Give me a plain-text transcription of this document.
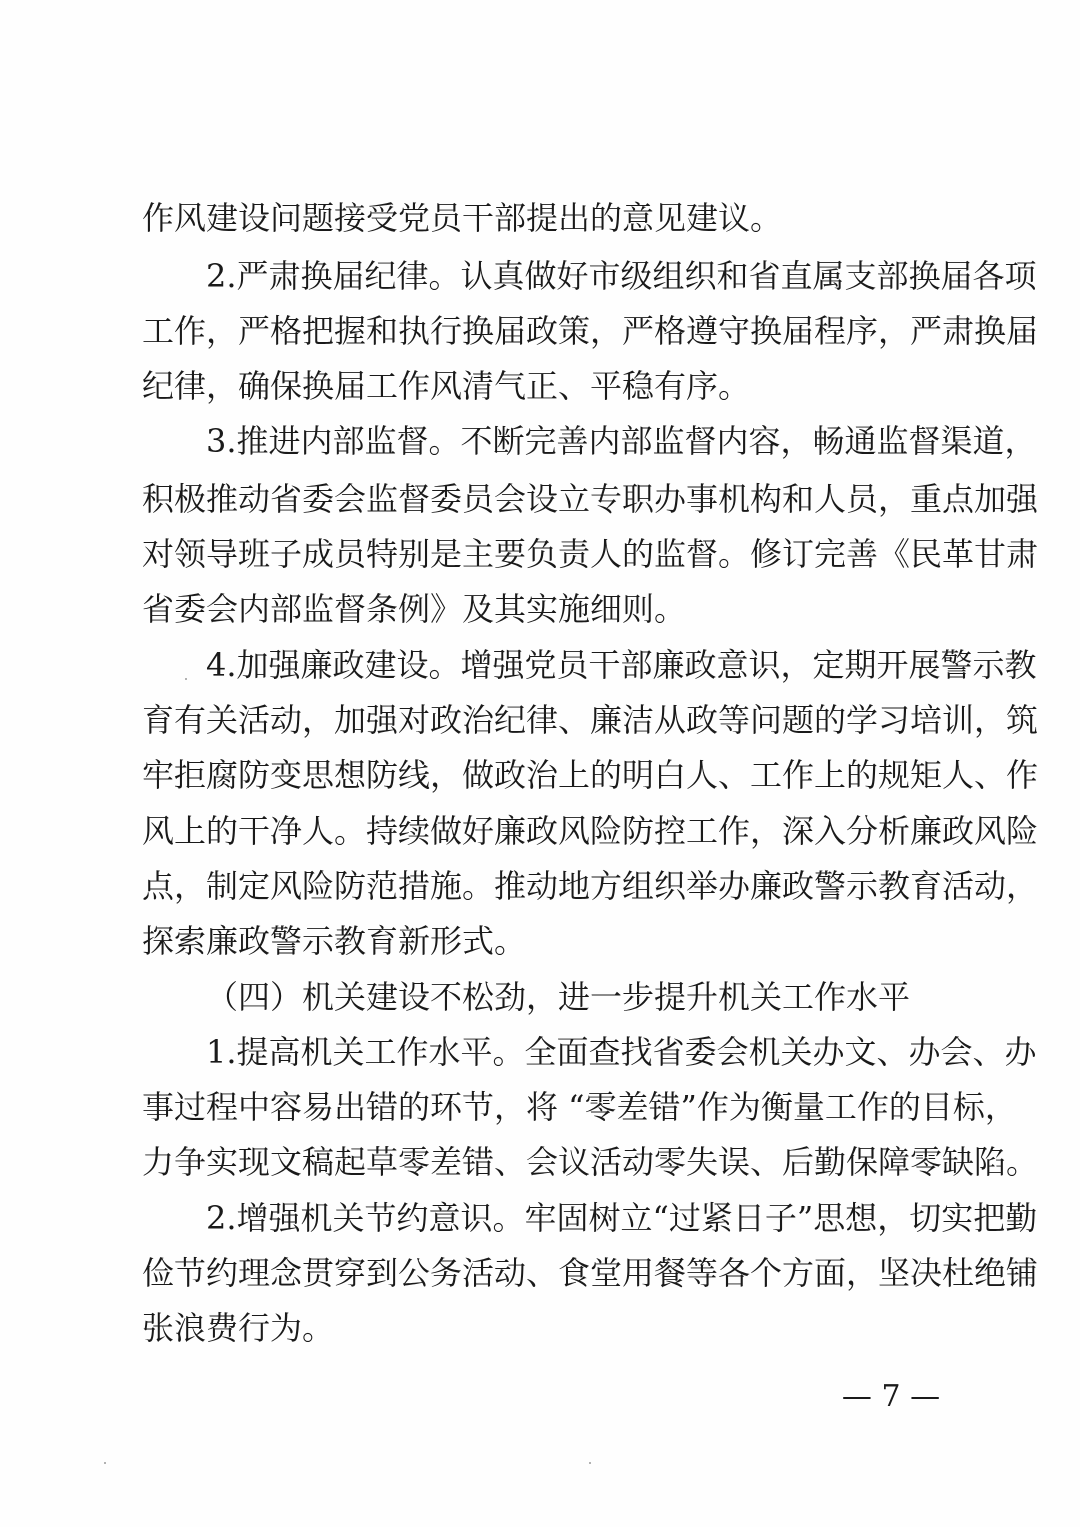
作风建设问题接受党员干部提出的意见建议。
2.严肃换届纪律。认真做好市级组织和省直属支部换届各项
工作，严格把握和执行换届政策，严格遵守换届程序，严肃换届
纪律，确保换届工作风清气正、平稳有序。
3.推进内部监督。不断完善内部监督内容，畅通监督渠道，
积极推动省委会监督委员会设立专职办事机构和人员，重点加强
对领导班子成员特别是主要负责人的监督。修订完善《民革甘肃
省委会内部监督条例》及其实施细则。
4.加强廉政建设。增强党员干部廉政意识，定期开展警示教
育有关活动，加强对政治纪律、廉洁从政等问题的学习培训，筑
牢拒腐防变思想防线，做政治上的明白人、工作上的规矩人、作
风上的干净人。持续做好廉政风险防控工作，深入分析廉政风险
点，制定风险防范措施。推动地方组织举办廉政警示教育活动，
探索廉政警示教育新形式。
（四）机关建设不松劲，进一步提升机关工作水平
1.提高机关工作水平。全面查找省委会机关办文、办会、办
事过程中容易出错的环节，将 “零差错”作为衡量工作的目标，
力争实现文稿起草零差错、会议活动零失误、后勤保障零缺陷。
2.增强机关节约意识。牢固树立“过紧日子”思想，切实把勤
俭节约理念贯穿到公务活动、食堂用餐等各个方面，坚决杜绝铺
张浪费行为。
— 7 —
